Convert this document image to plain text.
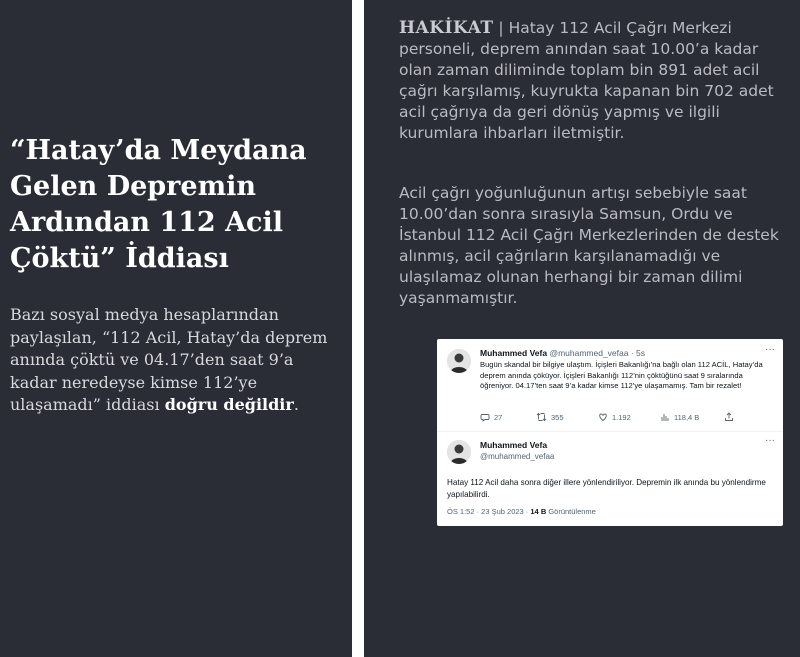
“Hatay’da Meydana Gelen Depremin Ardından 112 Acil Çöktü” İddiası

Bazı sosyal medya hesaplarından paylaşılan, “112 Acil, Hatay’da deprem anında çöktü ve 04.17’den saat 9’a kadar neredeyse kimse 112’ye ulaşamadı” iddiası doğru değildir.

HAKİKAT | Hatay 112 Acil Çağrı Merkezi personeli, deprem anından saat 10.00’a kadar olan zaman diliminde toplam bin 891 adet acil çağrı karşılamış, kuyrukta kapanan bin 702 adet acil çağrıya da geri dönüş yapmış ve ilgili kurumlara ihbarları iletmiştir.

Acil çağrı yoğunluğunun artışı sebebiyle saat 10.00’dan sonra sırasıyla Samsun, Ordu ve İstanbul 112 Acil Çağrı Merkezlerinden de destek alınmış, acil çağrıların karşılanamadığı ve ulaşılamaz olunan herhangi bir zaman dilimi yaşanmamıştır.

Muhammed Vefa @muhammed_vefaa · 5s	···
Bugün skandal bir bilgiye ulaştım. İçişleri Bakanlığı’na bağlı olan 112 ACİL, Hatay’da deprem anında çöküyor. İçişleri Bakanlığı 112’nin çöktüğünü saat 9 sıralarında öğreniyor. 04.17’ten saat 9’a kadar kimse 112’ye ulaşamamış. Tam bir rezalet!
27	355	1.192	118,4 B
Muhammed Vefa
@muhammed_vefaa
···
Hatay 112 Acil daha sonra diğer illere yönlendiriliyor. Depremin ilk anında bu yönlendirme yapılabilirdi.
ÖS 1:52 · 23 Şub 2023 · 14 B Görüntülenme
